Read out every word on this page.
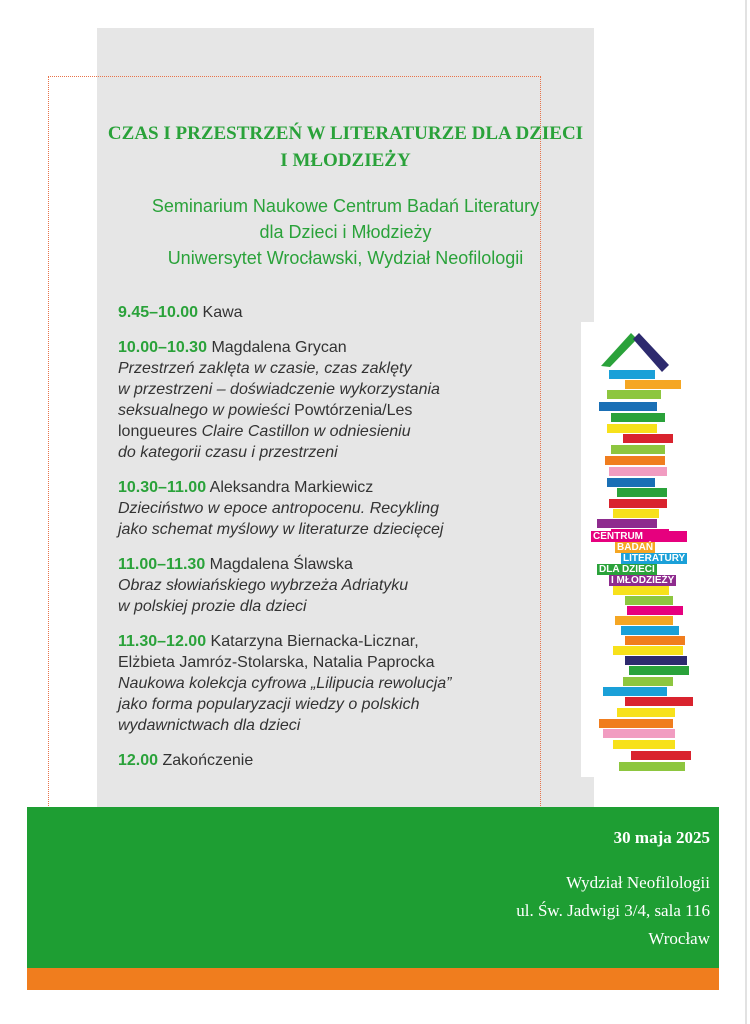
CZAS I PRZESTRZEŃ W LITERATURZE DLA DZIECI
I MŁODZIEŻY
Seminarium Naukowe Centrum Badań Literatury
dla Dzieci i Młodzieży
Uniwersytet Wrocławski, Wydział Neofilologii
9.45–10.00 Kawa
10.00–10.30 Magdalena Grycan
Przestrzeń zaklęta w czasie, czas zaklęty
w przestrzeni – doświadczenie wykorzystania
seksualnego w powieści Powtórzenia/Les
longueures Claire Castillon w odniesieniu
do kategorii czasu i przestrzeni
10.30–11.00 Aleksandra Markiewicz
Dzieciństwo w epoce antropocenu. Recykling
jako schemat myślowy w literaturze dziecięcej
11.00–11.30 Magdalena Ślawska
Obraz słowiańskiego wybrzeża Adriatyku
w polskiej prozie dla dzieci
11.30–12.00 Katarzyna Biernacka-Licznar,
Elżbieta Jamróz-Stolarska, Natalia Paprocka
Naukowa kolekcja cyfrowa „Lilipucia rewolucja”
jako forma popularyzacji wiedzy o polskich
wydawnictwach dla dzieci
12.00 Zakończenie
CENTRUM
BADAŃ
LITERATURY
DLA DZIECI
I MŁODZIEŻY
30 maja 2025
Wydział Neofilologii
ul. Św. Jadwigi 3/4, sala 116
Wrocław
